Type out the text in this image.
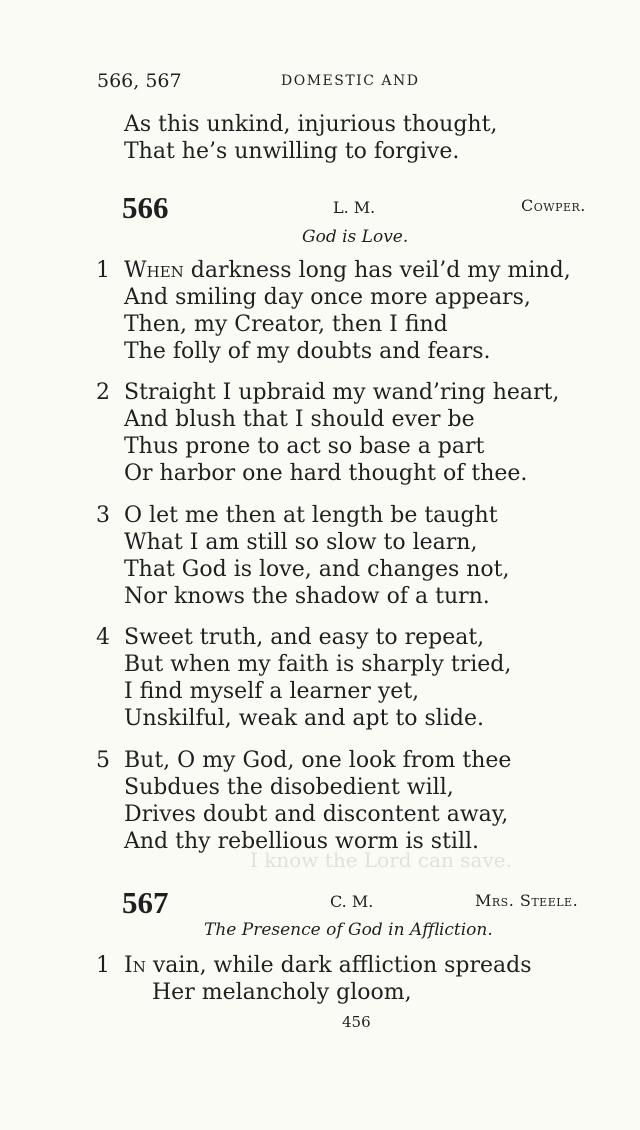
566, 567	DOMESTIC AND
I know the Lord can save.
As this unkind, injurious thought,
That he’s unwilling to forgive.
566	L. M.	Cowper.
God is Love.
1 When darkness long has veil’d my mind,
And smiling day once more appears,
Then, my Creator, then I find
The folly of my doubts and fears.
2 Straight I upbraid my wand’ring heart,
And blush that I should ever be
Thus prone to act so base a part
Or harbor one hard thought of thee.
3 O let me then at length be taught
What I am still so slow to learn,
That God is love, and changes not,
Nor knows the shadow of a turn.
4 Sweet truth, and easy to repeat,
But when my faith is sharply tried,
I find myself a learner yet,
Unskilful, weak and apt to slide.
5 But, O my God, one look from thee
Subdues the disobedient will,
Drives doubt and discontent away,
And thy rebellious worm is still.
567	C. M.	Mrs. Steele.
The Presence of God in Affliction.
1 In vain, while dark affliction spreads
Her melancholy gloom,
456
